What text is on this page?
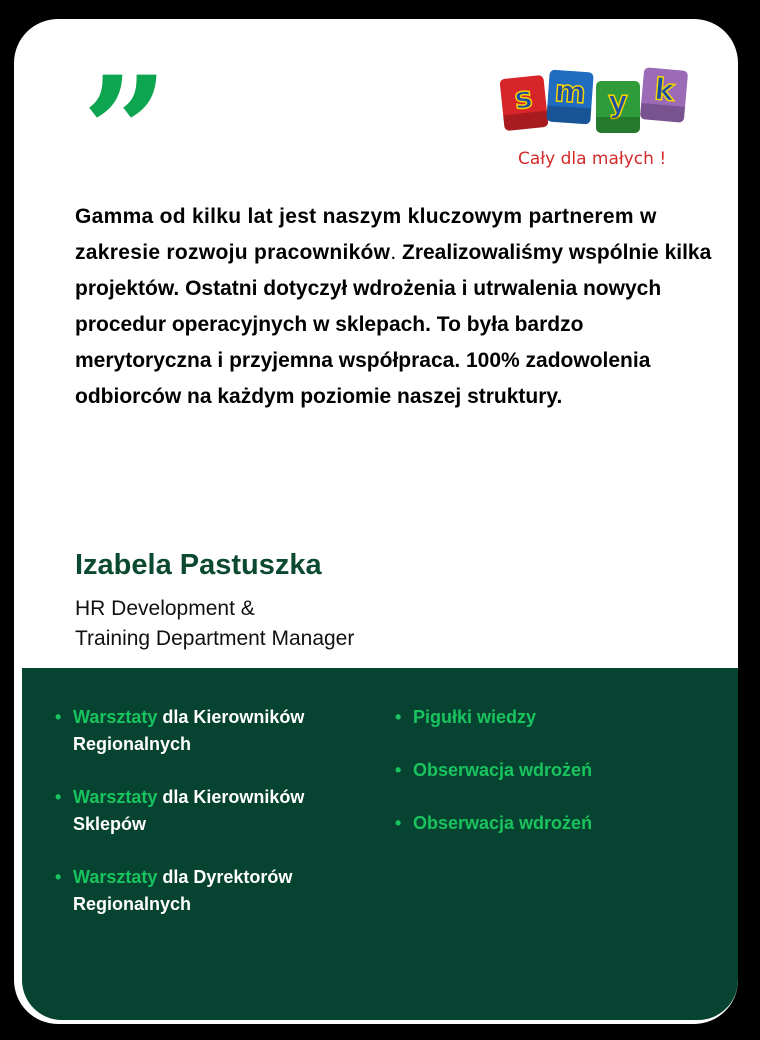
”	s m y k
Cały dla małych !

Gamma od kilku lat jest naszym kluczowym partnerem w zakresie rozwoju pracowników. Zrealizowaliśmy wspólnie kilka projektów. Ostatni dotyczył wdrożenia i utrwalenia nowych procedur operacyjnych w sklepach. To była bardzo merytoryczna i przyjemna współpraca. 100% zadowolenia odbiorców na każdym poziomie naszej struktury.

Izabela Pastuszka
HR Development &
Training Department Manager
• Warsztaty dla Kierowników Regionalnych
• Warsztaty dla Kierowników Sklepów
• Warsztaty dla Dyrektorów Regionalnych
• Pigułki wiedzy
• Obserwacja wdrożeń
• Obserwacja wdrożeń
